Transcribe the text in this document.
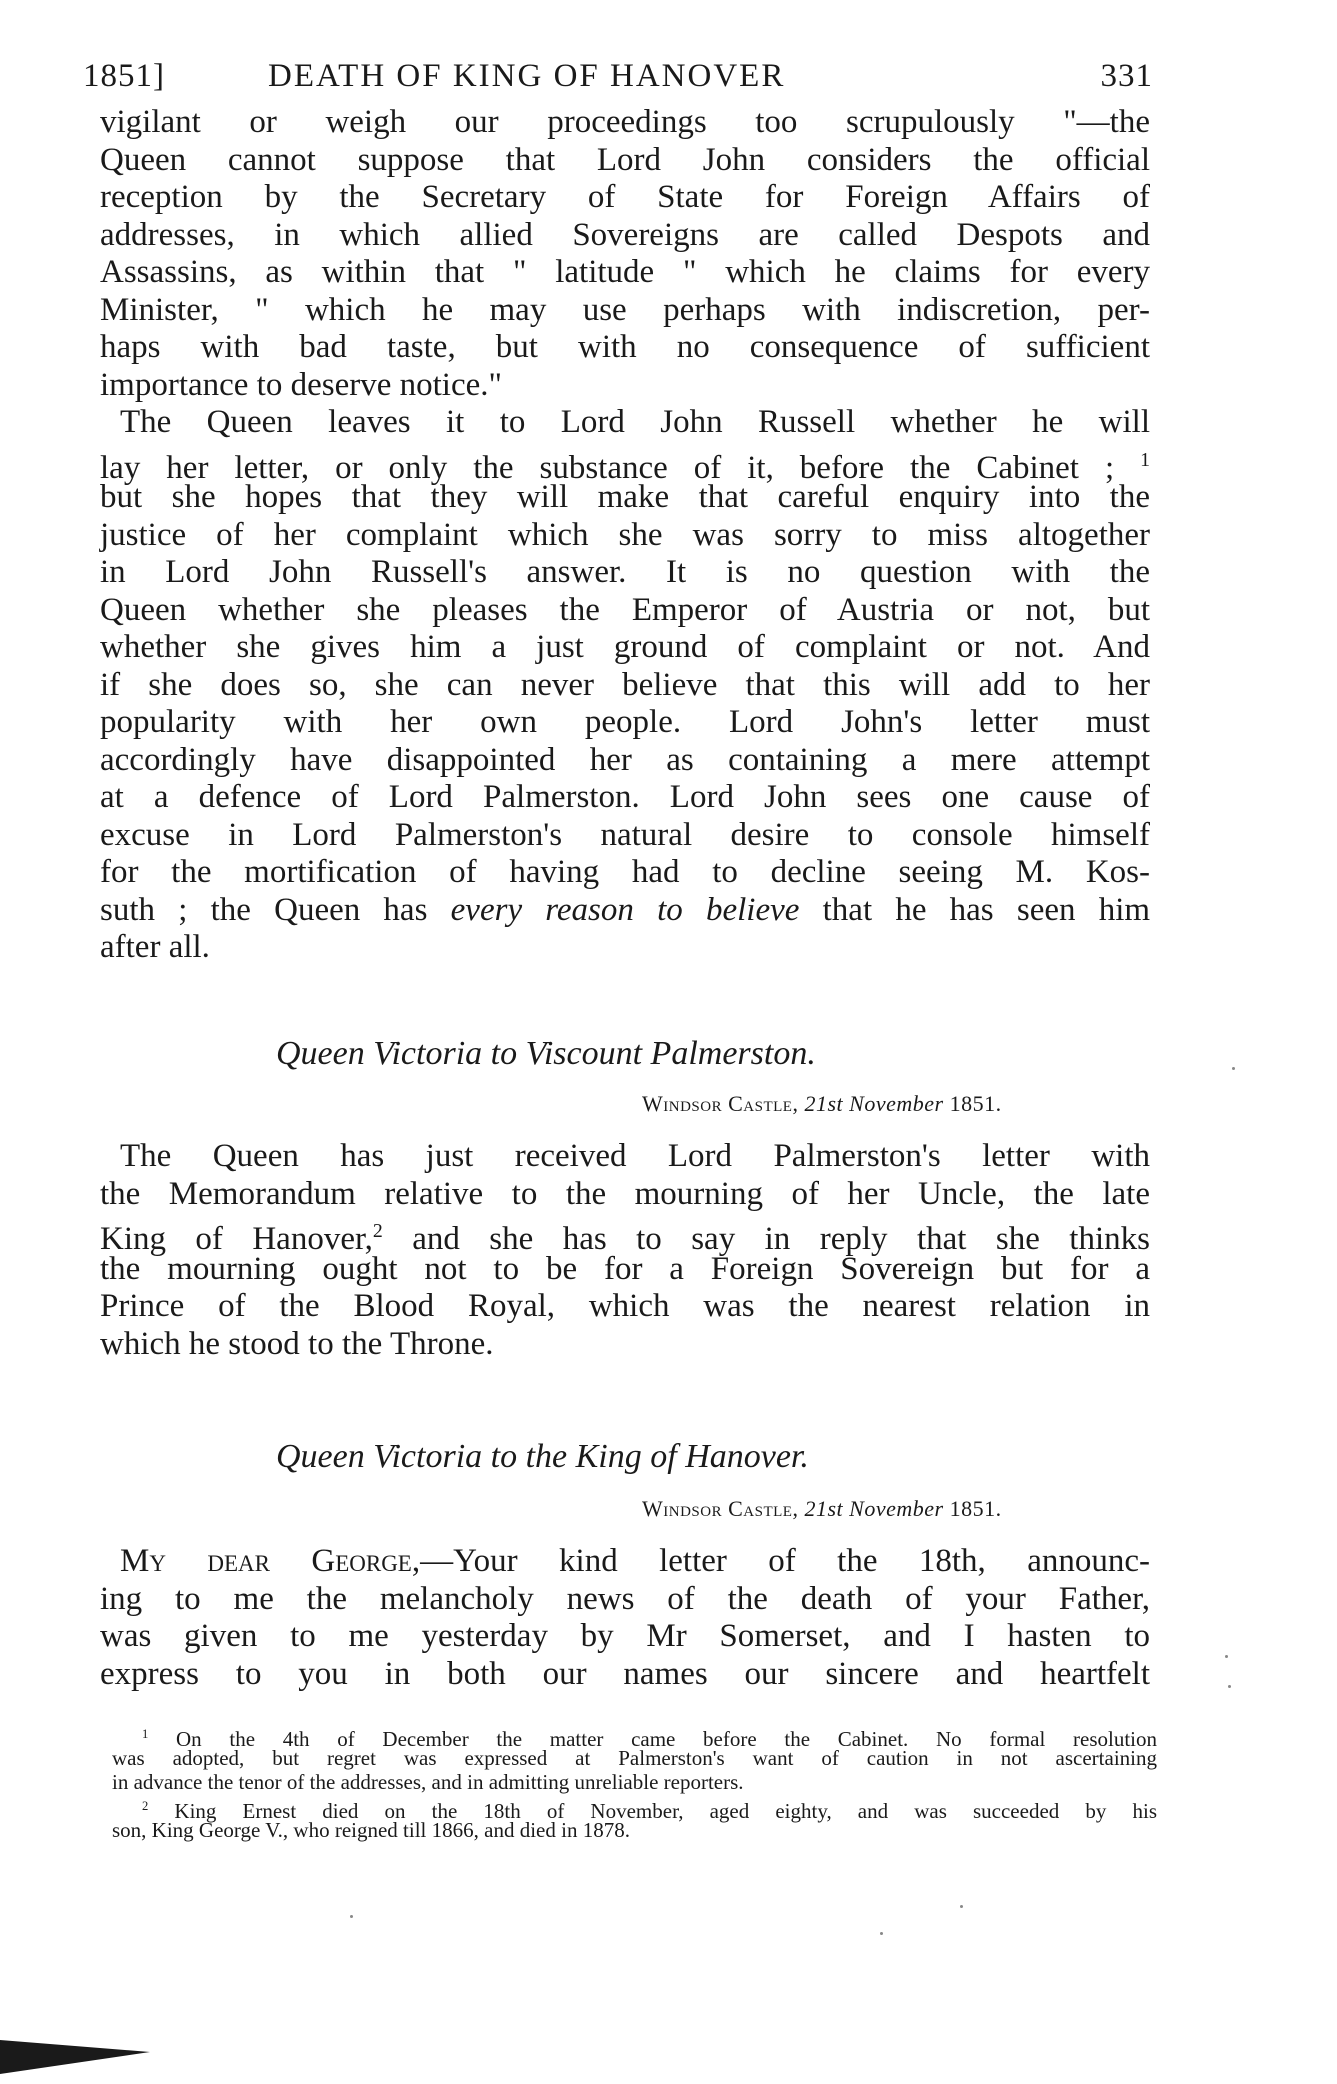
1851]	DEATH OF KING OF HANOVER	331
vigilant or weigh our proceedings too scrupulously "—the
Queen cannot suppose that Lord John considers the official
reception by the Secretary of State for Foreign Affairs of
addresses, in which allied Sovereigns are called Despots and
Assassins, as within that " latitude " which he claims for every
Minister, " which he may use perhaps with indiscretion, per-
haps with bad taste, but with no consequence of sufficient
importance to deserve notice."
The Queen leaves it to Lord John Russell whether he will
lay her letter, or only the substance of it, before the Cabinet ; $^1$
but she hopes that they will make that careful enquiry into the
justice of her complaint which she was sorry to miss altogether
in Lord John Russell's answer. It is no question with the
Queen whether she pleases the Emperor of Austria or not, but
whether she gives him a just ground of complaint or not. And
if she does so, she can never believe that this will add to her
popularity with her own people. Lord John's letter must
accordingly have disappointed her as containing a mere attempt
at a defence of Lord Palmerston. Lord John sees one cause of
excuse in Lord Palmerston's natural desire to console himself
for the mortification of having had to decline seeing M. Kos-
suth ; the Queen has every reason to believe that he has seen him
after all.
Queen Victoria to Viscount Palmerston.
Windsor Castle, 21st November 1851.
The Queen has just received Lord Palmerston's letter with
the Memorandum relative to the mourning of her Uncle, the late
King of Hanover,$^2$ and she has to say in reply that she thinks
the mourning ought not to be for a Foreign Sovereign but for a
Prince of the Blood Royal, which was the nearest relation in
which he stood to the Throne.
Queen Victoria to the King of Hanover.
Windsor Castle, 21st November 1851.
My dear George,—Your kind letter of the 18th, announc-
ing to me the melancholy news of the death of your Father,
was given to me yesterday by Mr Somerset, and I hasten to
express to you in both our names our sincere and heartfelt
$^1$ On the 4th of December the matter came before the Cabinet. No formal resolution
was adopted, but regret was expressed at Palmerston's want of caution in not ascertaining
in advance the tenor of the addresses, and in admitting unreliable reporters.
$^2$ King Ernest died on the 18th of November, aged eighty, and was succeeded by his
son, King George V., who reigned till 1866, and died in 1878.
